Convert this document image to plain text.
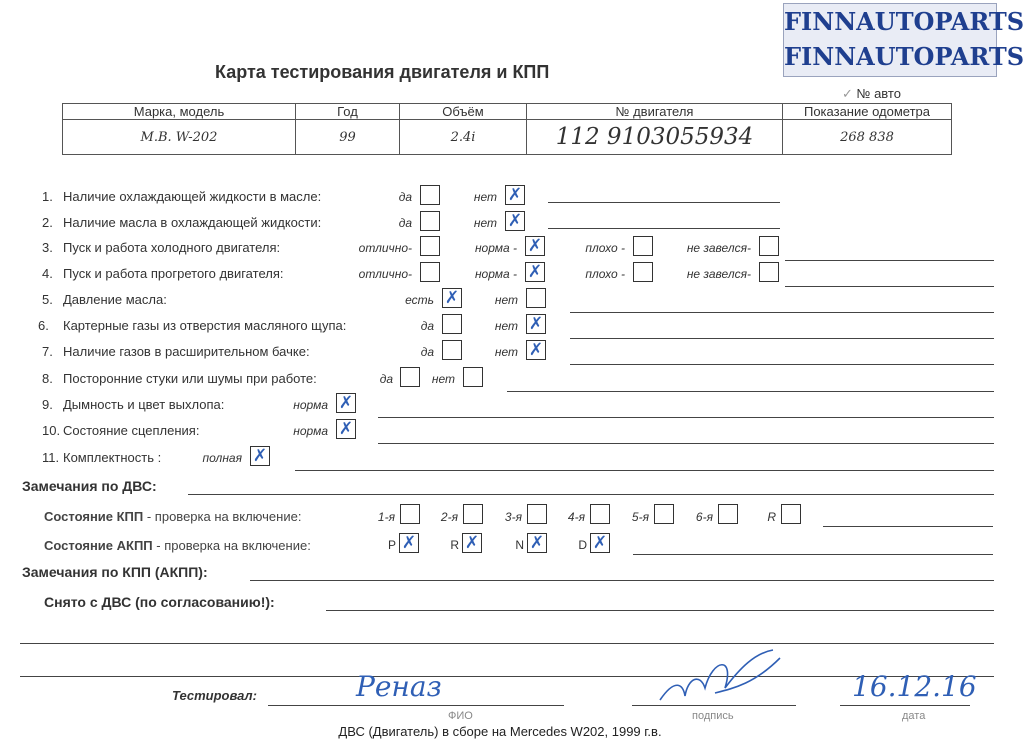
FINNAUTOPARTS
FINNAUTOPARTS
Карта тестирования двигателя и КПП
✓ № авто
Марка, модель	Год	Объём	№ двигателя	Показание одометра
M.B. W-202	99	2.4i	112 9103055934	268 838
1. Наличие охлаждающей жидкости в масле:	да	нет ✗
2. Наличие масла в охлаждающей жидкости:	да	нет ✗
3. Пуск и работа холодного двигателя:	отлично-	норма - ✗	плохо -	не завелся-
4. Пуск и работа прогретого двигателя:	отлично-	норма - ✗	плохо -	не завелся-
5. Давление масла:	есть ✗	нет
6. Картерные газы из отверстия масляного щупа:	да	нет ✗
7. Наличие газов в расширительном бачке:	да	нет ✗
8. Посторонние стуки или шумы при работе:	да	нет
9. Дымность и цвет выхлопа:	норма ✗
10. Состояние сцепления:	норма ✗
11. Комплектность :	полная ✗
Замечания по ДВС:
Состояние КПП - проверка на включение:	1-я	2-я	3-я	4-я	5-я	6-я	R
Состояние АКПП - проверка на включение:	P ✗	R ✗	N ✗	D ✗
Замечания по КПП (АКПП):
Снято с ДВС (по согласованию!):
Тестировал:	Реназ	16.12.16
ФИО	подпись	дата
ДВС (Двигатель) в сборе на Mercedes W202, 1999 г.в.
